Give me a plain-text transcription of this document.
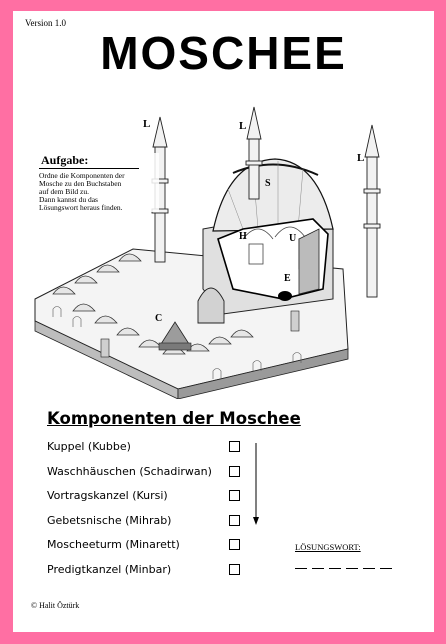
Version 1.0
MOSCHEE
L	L
L
S
H	U
E
C
Aufgabe:
Ordne die Komponenten der
Mosche zu den Buchstaben
auf dem Bild zu.
Dann kannst du das
Lösungswort heraus finden.
Komponenten der Moschee
Kuppel (Kubbe)
Waschhäuschen (Schadirwan)
Vortragskanzel (Kursi)
Gebetsnische (Mihrab)
Moscheeturm (Minarett)
Predigtkanzel (Minbar)
LÖSUNGSWORT:
© Halit Öztürk
